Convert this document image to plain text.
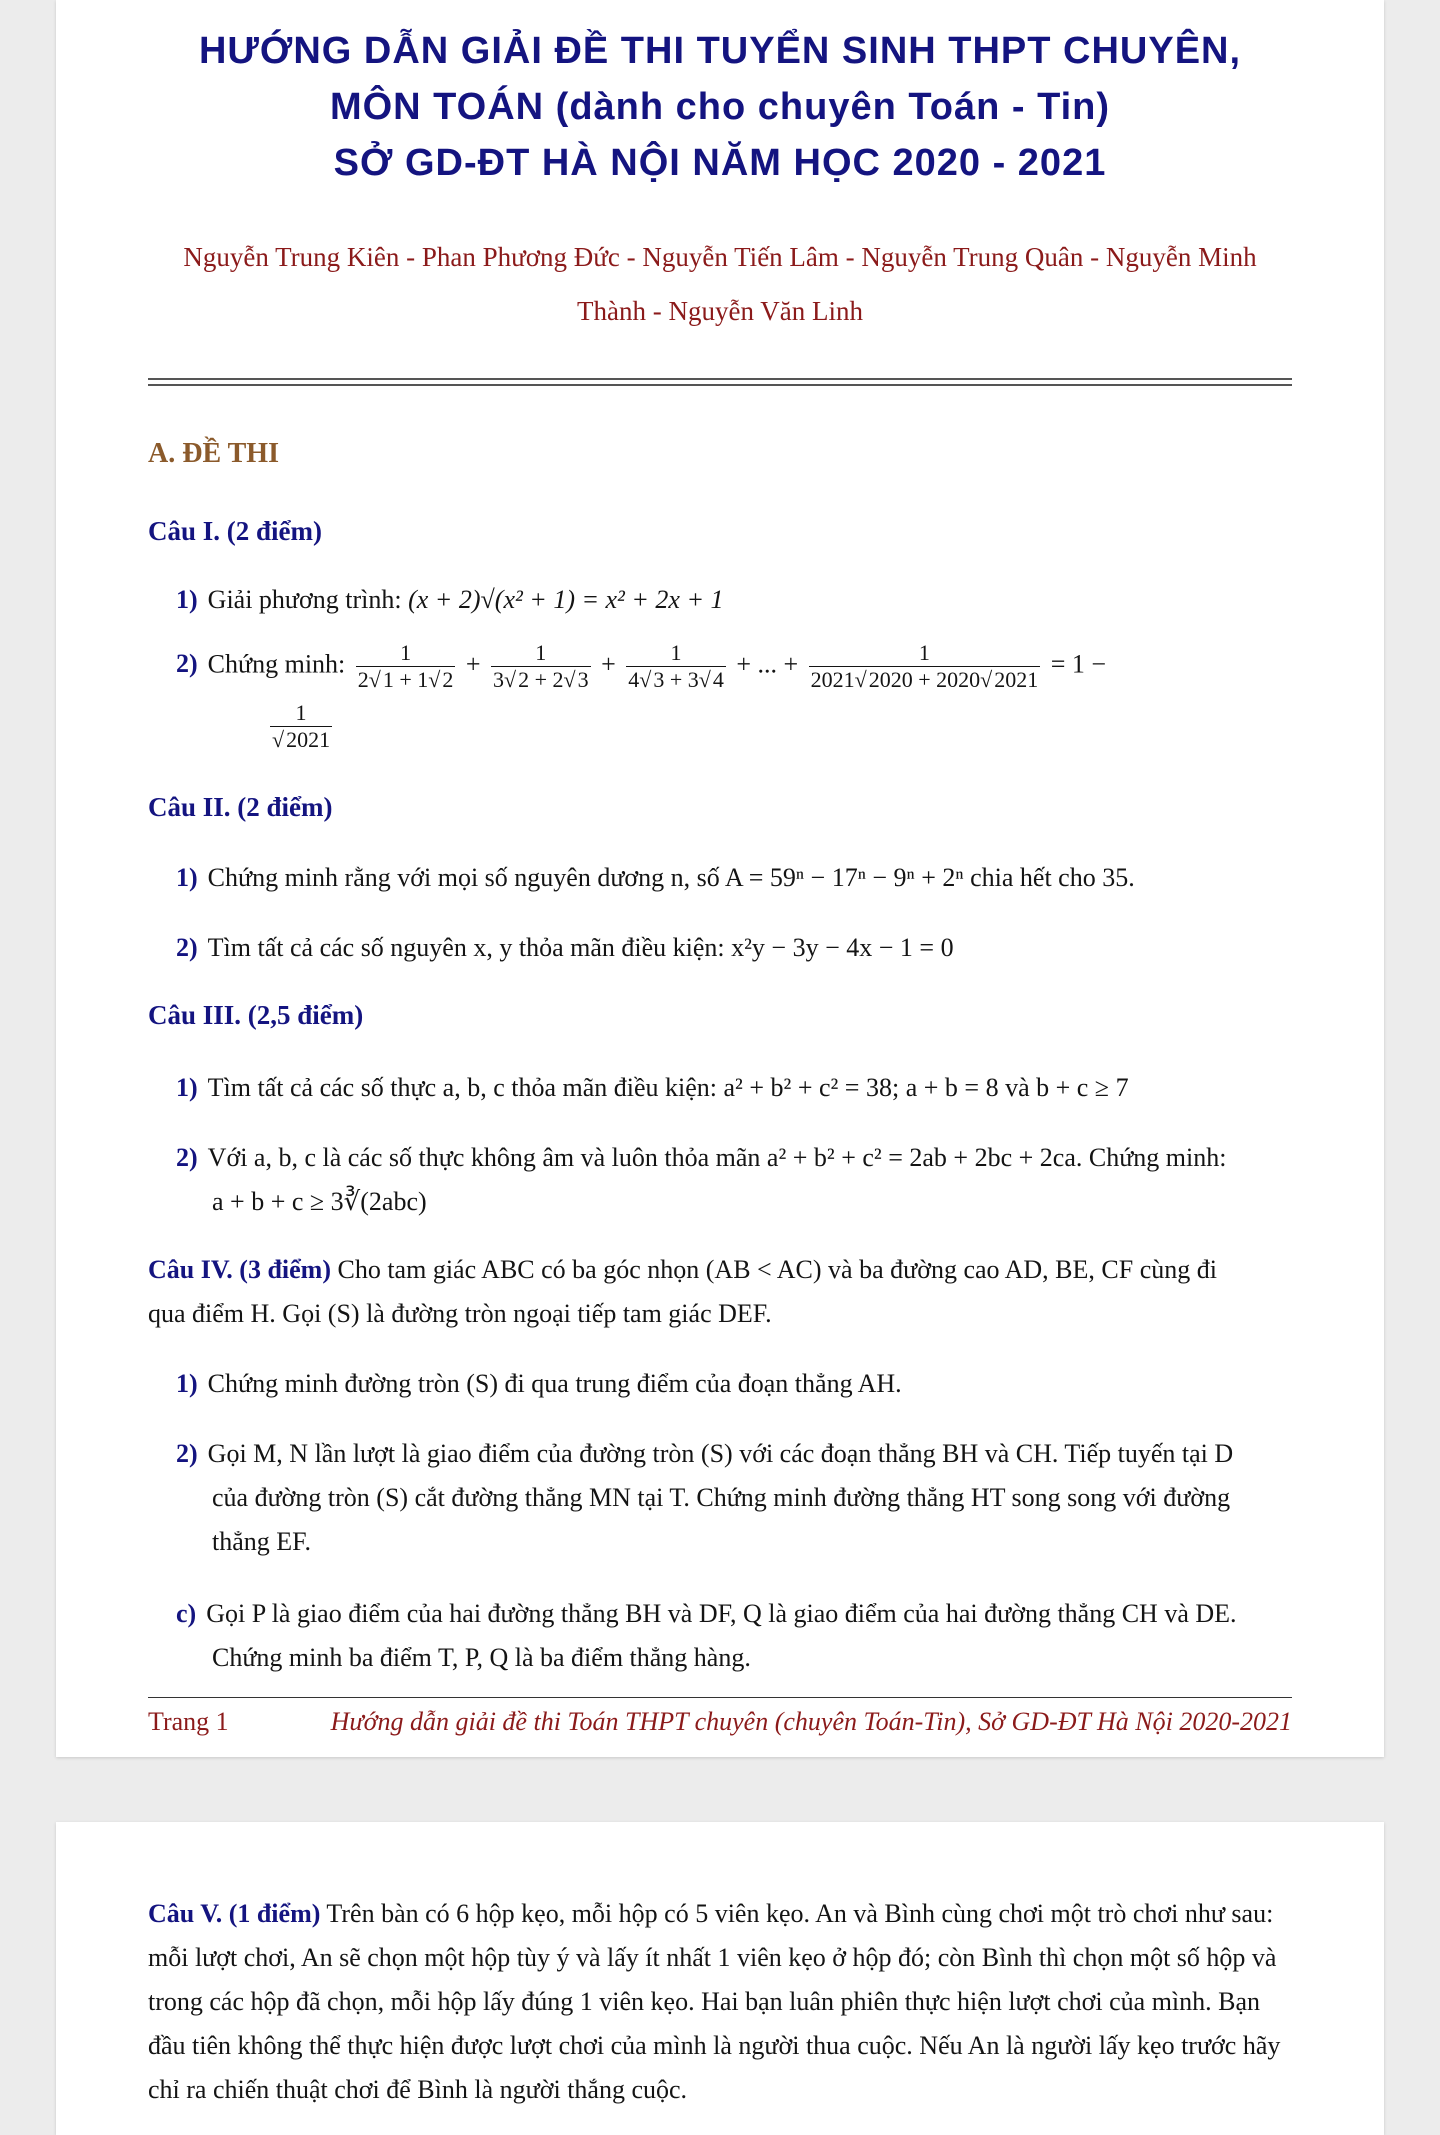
HƯỚNG DẪN GIẢI ĐỀ THI TUYỂN SINH THPT CHUYÊN,
MÔN TOÁN (dành cho chuyên Toán - Tin)
SỞ GD-ĐT HÀ NỘI NĂM HỌC 2020 - 2021
Nguyễn Trung Kiên - Phan Phương Đức - Nguyễn Tiến Lâm - Nguyễn Trung Quân - Nguyễn Minh
Thành - Nguyễn Văn Linh
A. ĐỀ THI
Câu I. (2 điểm)
1) Giải phương trình: (x + 2)√(x² + 1) = x² + 2x + 1
2) Chứng minh: $\frac{1}{2√1 + 1√2} + \frac{1}{3√2 + 2√3} + \frac{1}{4√3 + 3√4}$ + ... + $\frac{1}{2021√2020 + 2020√2021} = 1$ −
$\frac{1}{√2021}$
Câu II. (2 điểm)
1) Chứng minh rằng với mọi số nguyên dương n, số A = 59ⁿ − 17ⁿ − 9ⁿ + 2ⁿ chia hết cho 35.
2) Tìm tất cả các số nguyên x, y thỏa mãn điều kiện: x²y − 3y − 4x − 1 = 0
Câu III. (2,5 điểm)
1) Tìm tất cả các số thực a, b, c thỏa mãn điều kiện: a² + b² + c² = 38; a + b = 8 và b + c ≥ 7
2) Với a, b, c là các số thực không âm và luôn thỏa mãn a² + b² + c² = 2ab + 2bc + 2ca. Chứng minh:
a + b + c ≥ 3∛(2abc)
Câu IV. (3 điểm) Cho tam giác ABC có ba góc nhọn (AB < AC) và ba đường cao AD, BE, CF cùng đi
qua điểm H. Gọi (S) là đường tròn ngoại tiếp tam giác DEF.
1) Chứng minh đường tròn (S) đi qua trung điểm của đoạn thẳng AH.
2) Gọi M, N lần lượt là giao điểm của đường tròn (S) với các đoạn thẳng BH và CH. Tiếp tuyến tại D
của đường tròn (S) cắt đường thẳng MN tại T. Chứng minh đường thẳng HT song song với đường
thẳng EF.
c) Gọi P là giao điểm của hai đường thẳng BH và DF, Q là giao điểm của hai đường thẳng CH và DE.
Chứng minh ba điểm T, P, Q là ba điểm thẳng hàng.
Trang 1	Hướng dẫn giải đề thi Toán THPT chuyên (chuyên Toán-Tin), Sở GD-ĐT Hà Nội 2020-2021
Câu V. (1 điểm) Trên bàn có 6 hộp kẹo, mỗi hộp có 5 viên kẹo. An và Bình cùng chơi một trò chơi như sau:
mỗi lượt chơi, An sẽ chọn một hộp tùy ý và lấy ít nhất 1 viên kẹo ở hộp đó; còn Bình thì chọn một số hộp và
trong các hộp đã chọn, mỗi hộp lấy đúng 1 viên kẹo. Hai bạn luân phiên thực hiện lượt chơi của mình. Bạn
đầu tiên không thể thực hiện được lượt chơi của mình là người thua cuộc. Nếu An là người lấy kẹo trước hãy
chỉ ra chiến thuật chơi để Bình là người thắng cuộc.
